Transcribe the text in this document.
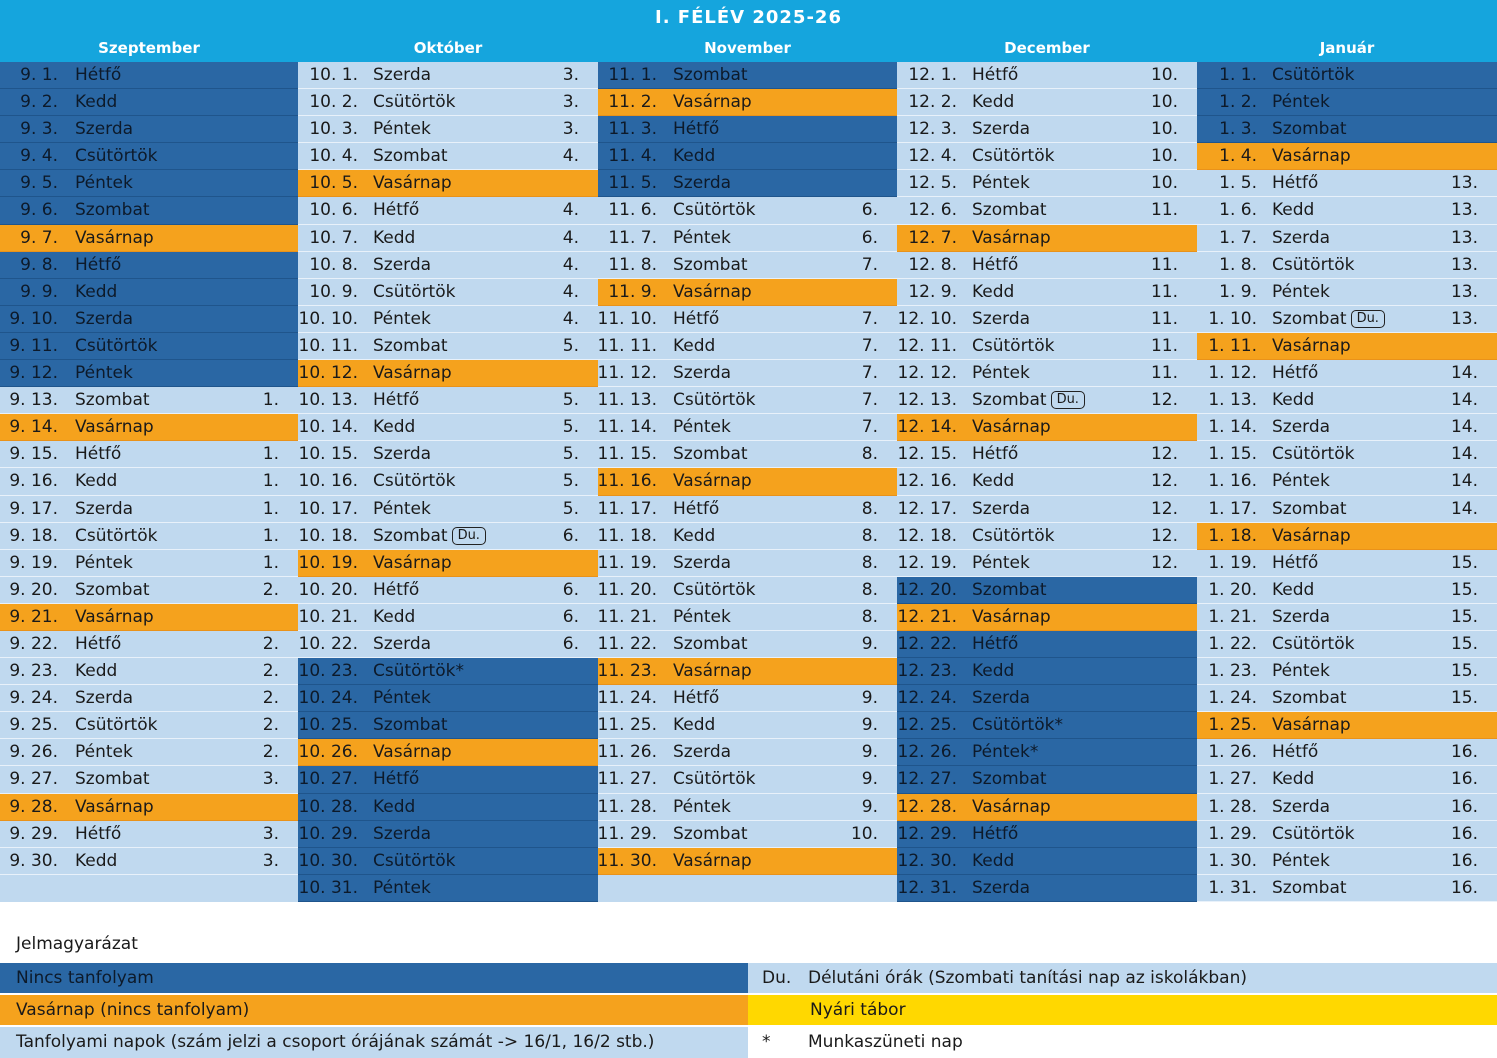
I. FÉLÉV 2025-26
Szeptember
9. 1. Hétfő
9. 2. Kedd
9. 3. Szerda
9. 4. Csütörtök
9. 5. Péntek
9. 6. Szombat
9. 7. Vasárnap
9. 8. Hétfő
9. 9. Kedd
9. 10. Szerda
9. 11. Csütörtök
9. 12. Péntek
9. 13. Szombat	1.
9. 14. Vasárnap
9. 15. Hétfő	1.
9. 16. Kedd	1.
9. 17. Szerda	1.
9. 18. Csütörtök	1.
9. 19. Péntek	1.
9. 20. Szombat	2.
9. 21. Vasárnap
9. 22. Hétfő	2.
9. 23. Kedd	2.
9. 24. Szerda	2.
9. 25. Csütörtök	2.
9. 26. Péntek	2.
9. 27. Szombat	3.
9. 28. Vasárnap
9. 29. Hétfő	3.
9. 30. Kedd	3.
Október
10. 1. Szerda	3.
10. 2. Csütörtök	3.
10. 3. Péntek	3.
10. 4. Szombat	4.
10. 5. Vasárnap
10. 6. Hétfő	4.
10. 7. Kedd	4.
10. 8. Szerda	4.
10. 9. Csütörtök	4.
10. 10. Péntek	4.
10. 11. Szombat	5.
10. 12. Vasárnap
10. 13. Hétfő	5.
10. 14. Kedd	5.
10. 15. Szerda	5.
10. 16. Csütörtök	5.
10. 17. Péntek	5.
10. 18. Szombat Du.	6.
10. 19. Vasárnap
10. 20. Hétfő	6.
10. 21. Kedd	6.
10. 22. Szerda	6.
10. 23. Csütörtök*
10. 24. Péntek
10. 25. Szombat
10. 26. Vasárnap
10. 27. Hétfő
10. 28. Kedd
10. 29. Szerda
10. 30. Csütörtök
10. 31. Péntek
November
11. 1. Szombat
11. 2. Vasárnap
11. 3. Hétfő
11. 4. Kedd
11. 5. Szerda
11. 6. Csütörtök	6.
11. 7. Péntek	6.
11. 8. Szombat	7.
11. 9. Vasárnap
11. 10. Hétfő	7.
11. 11. Kedd	7.
11. 12. Szerda	7.
11. 13. Csütörtök	7.
11. 14. Péntek	7.
11. 15. Szombat	8.
11. 16. Vasárnap
11. 17. Hétfő	8.
11. 18. Kedd	8.
11. 19. Szerda	8.
11. 20. Csütörtök	8.
11. 21. Péntek	8.
11. 22. Szombat	9.
11. 23. Vasárnap
11. 24. Hétfő	9.
11. 25. Kedd	9.
11. 26. Szerda	9.
11. 27. Csütörtök	9.
11. 28. Péntek	9.
11. 29. Szombat	10.
11. 30. Vasárnap
December
12. 1. Hétfő	10.
12. 2. Kedd	10.
12. 3. Szerda	10.
12. 4. Csütörtök	10.
12. 5. Péntek	10.
12. 6. Szombat	11.
12. 7. Vasárnap
12. 8. Hétfő	11.
12. 9. Kedd	11.
12. 10. Szerda	11.
12. 11. Csütörtök	11.
12. 12. Péntek	11.
12. 13. Szombat Du.	12.
12. 14. Vasárnap
12. 15. Hétfő	12.
12. 16. Kedd	12.
12. 17. Szerda	12.
12. 18. Csütörtök	12.
12. 19. Péntek	12.
12. 20. Szombat
12. 21. Vasárnap
12. 22. Hétfő
12. 23. Kedd
12. 24. Szerda
12. 25. Csütörtök*
12. 26. Péntek*
12. 27. Szombat
12. 28. Vasárnap
12. 29. Hétfő
12. 30. Kedd
12. 31. Szerda
Január
1. 1. Csütörtök
1. 2. Péntek
1. 3. Szombat
1. 4. Vasárnap
1. 5. Hétfő	13.
1. 6. Kedd	13.
1. 7. Szerda	13.
1. 8. Csütörtök	13.
1. 9. Péntek	13.
1. 10. Szombat Du.	13.
1. 11. Vasárnap
1. 12. Hétfő	14.
1. 13. Kedd	14.
1. 14. Szerda	14.
1. 15. Csütörtök	14.
1. 16. Péntek	14.
1. 17. Szombat	14.
1. 18. Vasárnap
1. 19. Hétfő	15.
1. 20. Kedd	15.
1. 21. Szerda	15.
1. 22. Csütörtök	15.
1. 23. Péntek	15.
1. 24. Szombat	15.
1. 25. Vasárnap
1. 26. Hétfő	16.
1. 27. Kedd	16.
1. 28. Szerda	16.
1. 29. Csütörtök	16.
1. 30. Péntek	16.
1. 31. Szombat	16.
Jelmagyarázat
Nincs tanfolyam	Du. Délutáni órák (Szombati tanítási nap az iskolákban)
Vasárnap (nincs tanfolyam)	Nyári tábor
Tanfolyami napok (szám jelzi a csoport órájának számát -> 16/1, 16/2 stb.)	* Munkaszüneti nap
